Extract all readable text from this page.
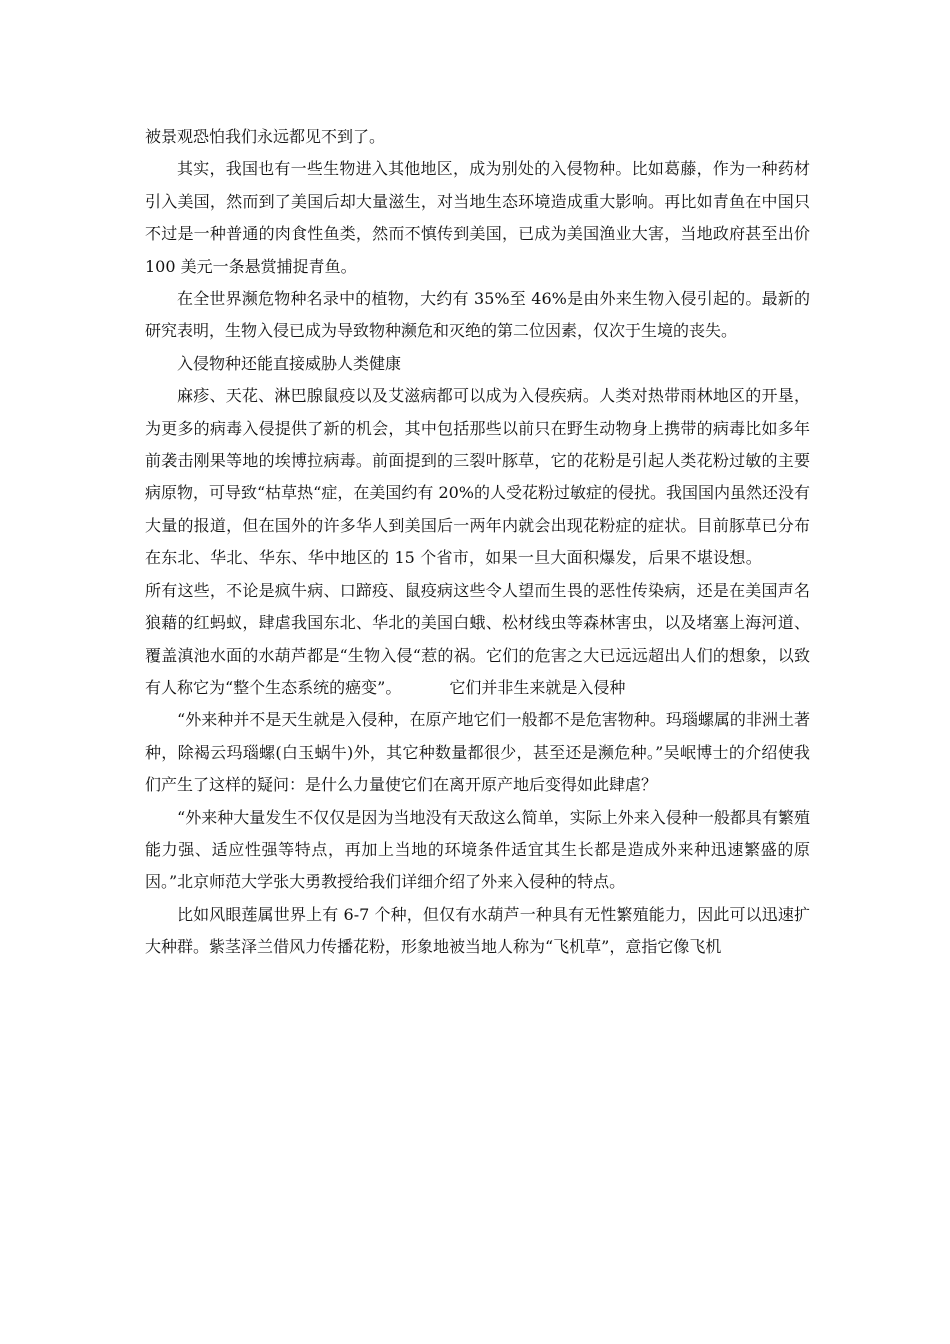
被景观恐怕我们永远都见不到了。

其实，我国也有一些生物进入其他地区，成为别处的入侵物种。比如葛藤，作为一种药材引入美国，然而到了美国后却大量滋生，对当地生态环境造成重大影响。再比如青鱼在中国只不过是一种普通的肉食性鱼类，然而不慎传到美国，已成为美国渔业大害，当地政府甚至出价 100 美元一条悬赏捕捉青鱼。

在全世界濒危物种名录中的植物，大约有 35%至 46%是由外来生物入侵引起的。最新的研究表明，生物入侵已成为导致物种濒危和灭绝的第二位因素，仅次于生境的丧失。

入侵物种还能直接威胁人类健康

麻疹、天花、淋巴腺鼠疫以及艾滋病都可以成为入侵疾病。人类对热带雨林地区的开垦，为更多的病毒入侵提供了新的机会，其中包括那些以前只在野生动物身上携带的病毒比如多年前袭击刚果等地的埃博拉病毒。前面提到的三裂叶豚草，它的花粉是引起人类花粉过敏的主要病原物，可导致“枯草热“症，在美国约有 20%的人受花粉过敏症的侵扰。我国国内虽然还没有大量的报道，但在国外的许多华人到美国后一两年内就会出现花粉症的症状。目前豚草已分布在东北、华北、华东、华中地区的 15 个省市，如果一旦大面积爆发，后果不堪设想。所有这些，不论是疯牛病、口蹄疫、鼠疫病这些令人望而生畏的恶性传染病，还是在美国声名狼藉的红蚂蚁，肆虐我国东北、华北的美国白蛾、松材线虫等森林害虫，以及堵塞上海河道、覆盖滇池水面的水葫芦都是“生物入侵“惹的祸。它们的危害之大已远远超出人们的想象，以致有人称它为“整个生态系统的癌变”。	它们并非生来就是入侵种

“外来种并不是天生就是入侵种，在原产地它们一般都不是危害物种。玛瑙螺属的非洲土著种，除褐云玛瑙螺(白玉蜗牛)外，其它种数量都很少，甚至还是濒危种。”吴岷博士的介绍使我们产生了这样的疑问：是什么力量使它们在离开原产地后变得如此肆虐？

“外来种大量发生不仅仅是因为当地没有天敌这么简单，实际上外来入侵种一般都具有繁殖能力强、适应性强等特点，再加上当地的环境条件适宜其生长都是造成外来种迅速繁盛的原因。”北京师范大学张大勇教授给我们详细介绍了外来入侵种的特点。

比如风眼莲属世界上有 6-7 个种，但仅有水葫芦一种具有无性繁殖能力，因此可以迅速扩大种群。紫茎泽兰借风力传播花粉，形象地被当地人称为“飞机草”，意指它像飞机
